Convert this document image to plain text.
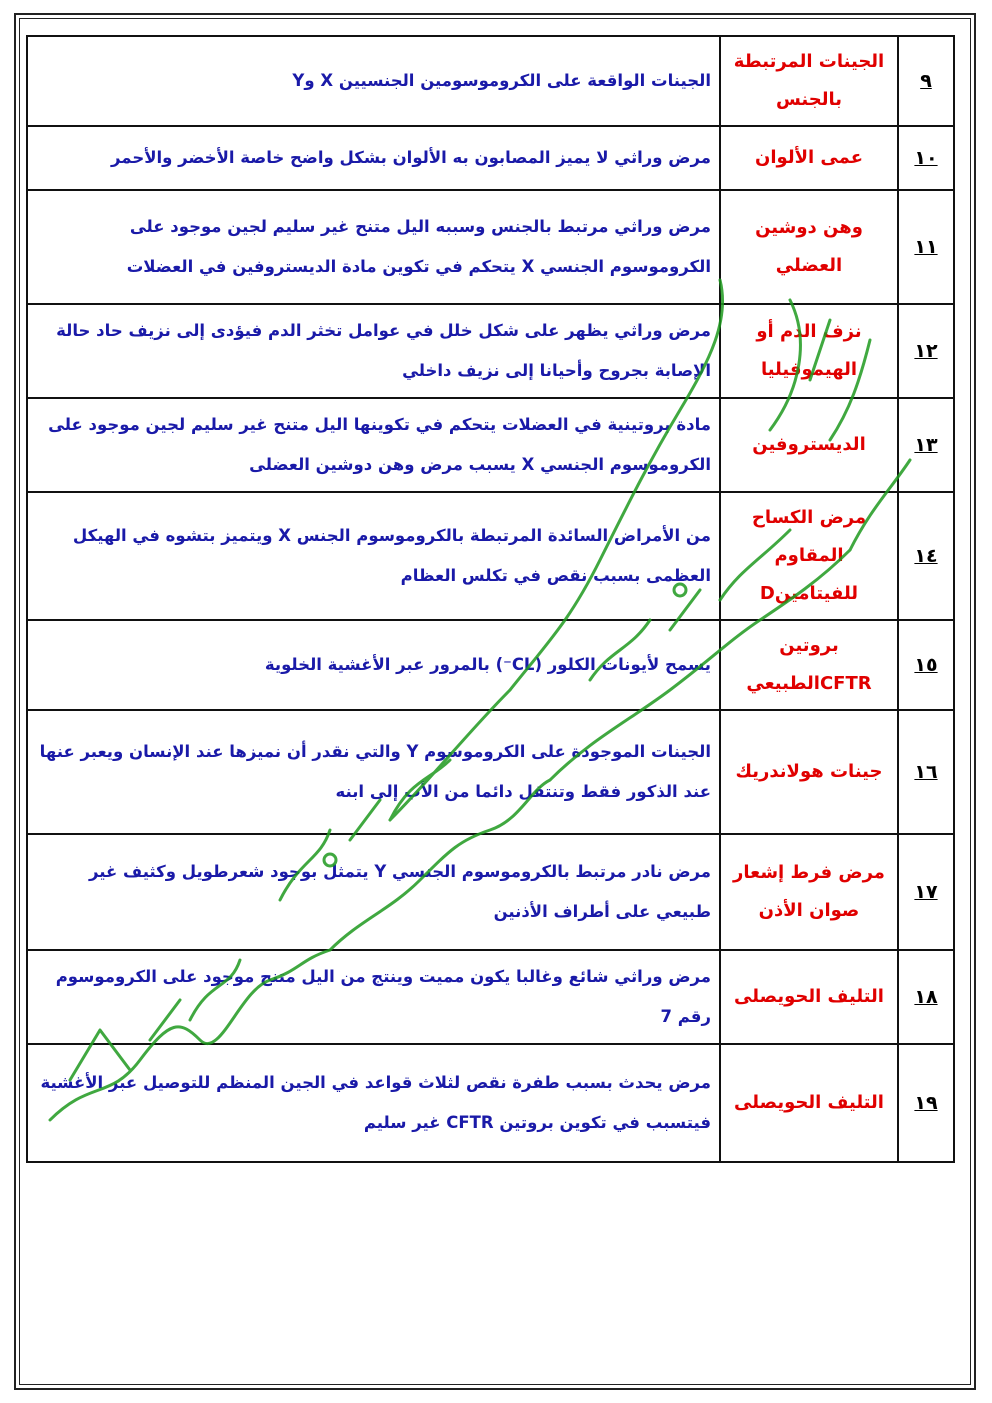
٩	الجينات المرتبطة بالجنس	الجينات الواقعة على الكروموسومين الجنسيين X وY
١٠	عمى الألوان	مرض وراثي لا يميز المصابون به الألوان بشكل واضح خاصة الأخضر والأحمر
١١	وهن دوشين العضلي	مرض وراثي مرتبط بالجنس وسببه اليل متنح غير سليم لجين موجود على الكروموسوم الجنسي X يتحكم في تكوين مادة الديستروفين في العضلات
١٢	نزف الدم أو الهيموفيليا	مرض وراثي يظهر على شكل خلل في عوامل تخثر الدم فيؤدى إلى نزيف حاد حالة الإصابة بجروح وأحيانا إلى نزيف داخلي
١٣	الديستروفين	مادة بروتينية في العضلات يتحكم في تكوينها اليل متنح غير سليم لجين موجود على الكروموسوم الجنسي X يسبب مرض وهن دوشين العضلى
١٤	مرض الكساح المقاوم للفيتامينD	من الأمراض السائدة المرتبطة بالكروموسوم الجنس X ويتميز بتشوه في الهيكل العظمى بسبب نقص في تكلس العظام
١٥	بروتين CFTRالطبيعي	يسمح لأيونات الكلور (CL⁻) بالمرور عبر الأغشية الخلوية
١٦	جينات هولاندريك	الجينات الموجودة على الكروموسوم Y والتي نقدر أن نميزها عند الإنسان ويعبر عنها عند الذكور فقط وتنتقل دائما من الأب إلى ابنه
١٧	مرض فرط إشعار صوان الأذن	مرض نادر مرتبط بالكروموسوم الجنسي Y يتمثل بوجود شعرطويل وكثيف غير طبيعي على أطراف الأذنين
١٨	التليف الحويصلى	مرض وراثي شائع وغالبا يكون مميت وينتج من اليل متنح موجود على الكروموسوم رقم 7
١٩	التليف الحويصلى	مرض يحدث بسبب طفرة نقص لثلاث قواعد في الجين المنظم للتوصيل عبر الأغشية فيتسبب في تكوين بروتين CFTR غير سليم
